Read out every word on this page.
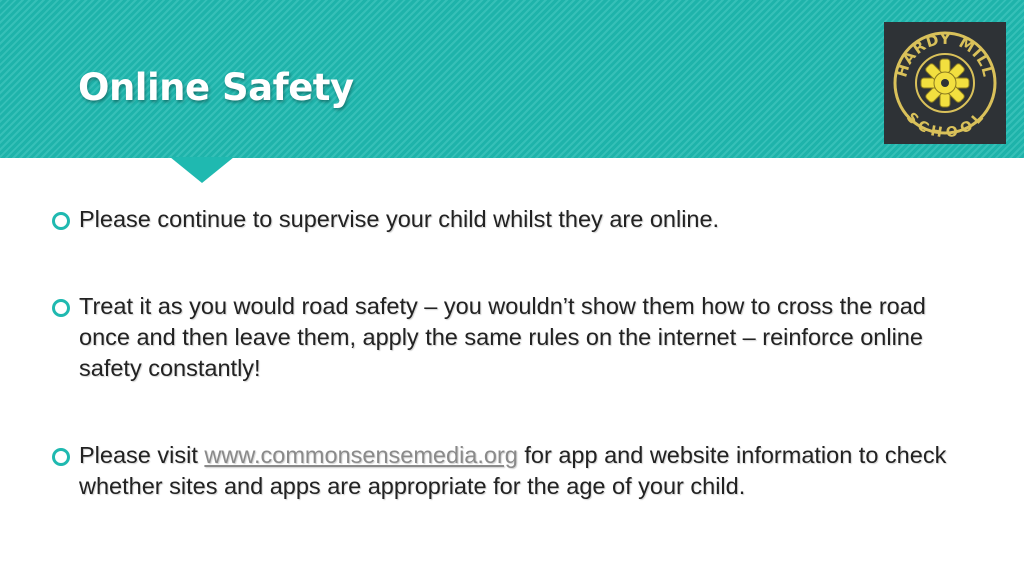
Online Safety	HARDY MILL
SCHOOL

Please continue to supervise your child whilst they are online.

Treat it as you would road safety – you wouldn’t show them how to cross the road once and then leave them, apply the same rules on the internet – reinforce online safety constantly!

Please visit www.commonsensemedia.org for app and website information to check whether sites and apps are appropriate for the age of your child.
